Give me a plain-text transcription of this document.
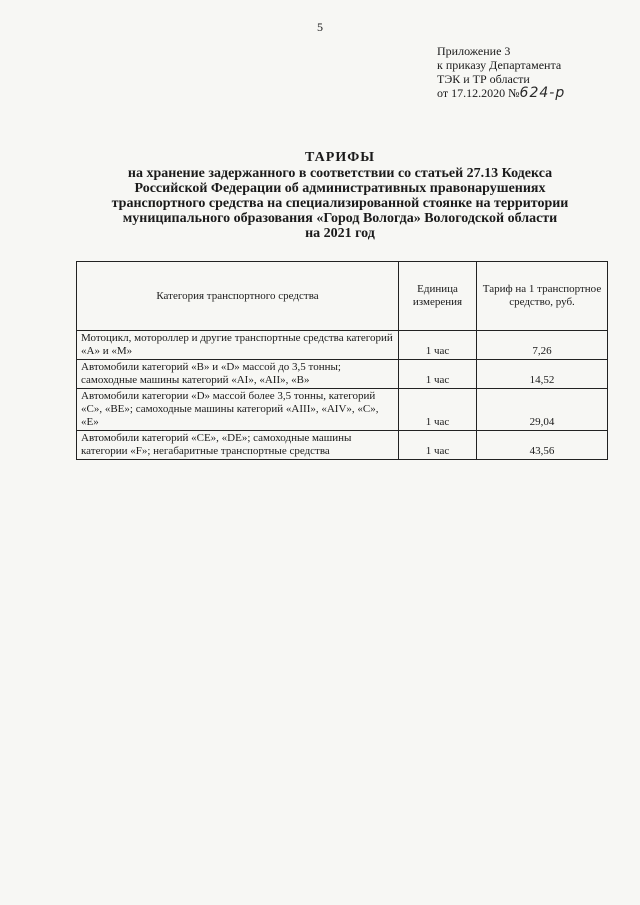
5
Приложение 3
к приказу Департамента
ТЭК и ТР области
от 17.12.2020 №624-р
ТАРИФЫ
на хранение задержанного в соответствии со статьей 27.13 Кодекса
Российской Федерации об административных правонарушениях
транспортного средства на специализированной стоянке на территории
муниципального образования «Город Вологда» Вологодской области
на 2021 год
Категория транспортного средства	Единица измерения	Тариф на 1 транспортное средство, руб.
Мотоцикл, мотороллер и другие транспортные средства категорий «А» и «М»	1 час	7,26
Автомобили категорий «В» и «D» массой до 3,5 тонны; самоходные машины категорий «AI», «AII», «В»	1 час	14,52
Автомобили категории «D» массой более 3,5 тонны, категорий «С», «BE»; самоходные машины категорий «AIII», «AIV», «С», «Е»	1 час	29,04
Автомобили категорий «СЕ», «DE»; самоходные машины категории «F»; негабаритные транспортные средства	1 час	43,56
